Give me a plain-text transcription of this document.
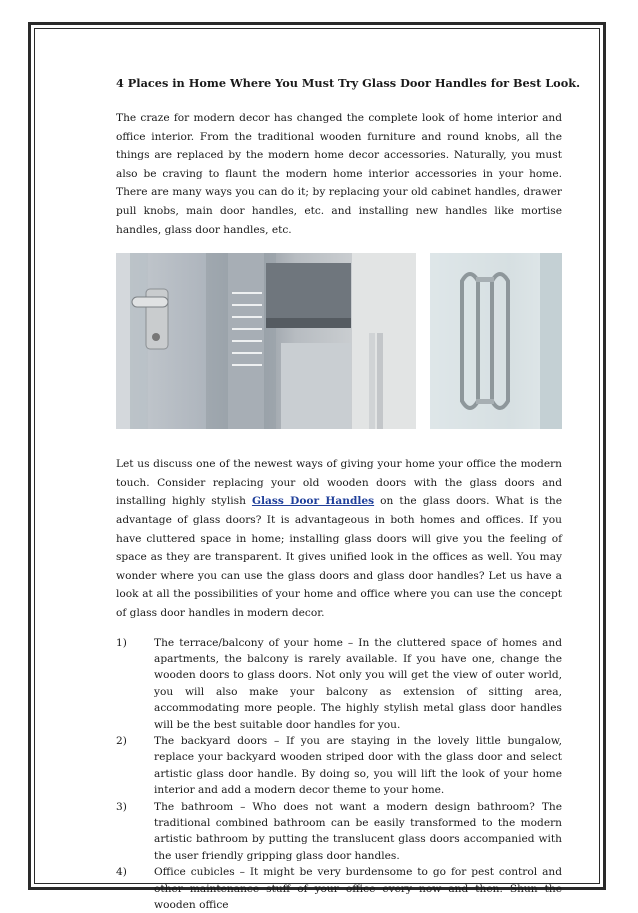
4 Places in Home Where You Must Try Glass Door Handles for Best Look.

The craze for modern decor has changed the complete look of home interior and office interior. From the traditional wooden furniture and round knobs, all the things are replaced by the modern home decor accessories. Naturally, you must also be craving to flaunt the modern home interior accessories in your home. There are many ways you can do it; by replacing your old cabinet handles, drawer pull knobs, main door handles, etc. and installing new handles like mortise handles, glass door handles, etc.

Let us discuss one of the newest ways of giving your home your office the modern touch. Consider replacing your old wooden doors with the glass doors and installing highly stylish Glass Door Handles on the glass doors. What is the advantage of glass doors? It is advantageous in both homes and offices. If you have cluttered space in home; installing glass doors will give you the feeling of space as they are transparent. It gives unified look in the offices as well. You may wonder where you can use the glass doors and glass door handles? Let us have a look at all the possibilities of your home and office where you can use the concept of glass door handles in modern decor.

1)	The terrace/balcony of your home – In the cluttered space of homes and apartments, the balcony is rarely available. If you have one, change the wooden doors to glass doors. Not only you will get the view of outer world, you will also make your balcony as extension of sitting area, accommodating more people. The highly stylish metal glass door handles will be the best suitable door handles for you.
2)	The backyard doors – If you are staying in the lovely little bungalow, replace your backyard wooden striped door with the glass door and select artistic glass door handle. By doing so, you will lift the look of your home interior and add a modern decor theme to your home.
3)	The bathroom – Who does not want a modern design bathroom? The traditional combined bathroom can be easily transformed to the modern artistic bathroom by putting the translucent glass doors accompanied with the user friendly gripping glass door handles.
4)	Office cubicles – It might be very burdensome to go for pest control and other maintenance stuff of your office every now and then. Shun the wooden office
